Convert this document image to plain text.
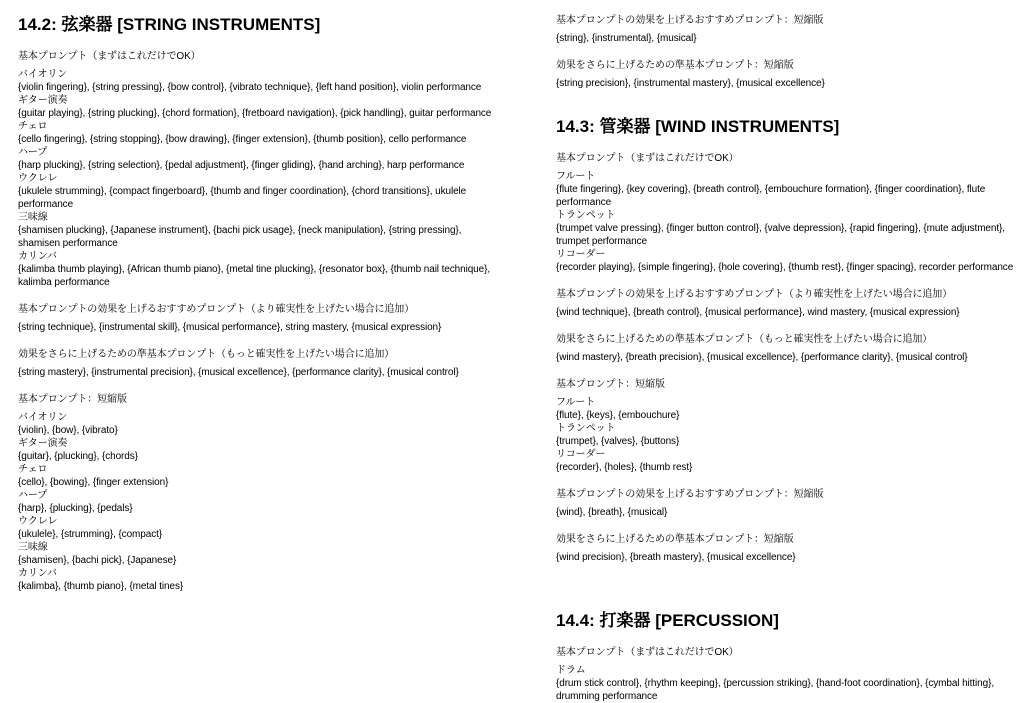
14.2: 弦楽器 [STRING INSTRUMENTS]

基本プロンプト（まずはこれだけでOK）

バイオリン

{violin fingering}, {string pressing}, {bow control}, {vibrato technique}, {left hand position}, violin performance

ギター演奏

{guitar playing}, {string plucking}, {chord formation}, {fretboard navigation}, {pick handling}, guitar performance

チェロ

{cello fingering}, {string stopping}, {bow drawing}, {finger extension}, {thumb position}, cello performance

ハープ

{harp plucking}, {string selection}, {pedal adjustment}, {finger gliding}, {hand arching}, harp performance

ウクレレ

{ukulele strumming}, {compact fingerboard}, {thumb and finger coordination}, {chord transitions}, ukulele performance

三味線

{shamisen plucking}, {Japanese instrument}, {bachi pick usage}, {neck manipulation}, {string pressing}, shamisen performance

カリンバ

{kalimba thumb playing}, {African thumb piano}, {metal tine plucking}, {resonator box}, {thumb nail technique}, kalimba performance

基本プロンプトの効果を上げるおすすめプロンプト（より確実性を上げたい場合に追加）

{string technique}, {instrumental skill}, {musical performance}, string mastery, {musical expression}

効果をさらに上げるための準基本プロンプト（もっと確実性を上げたい場合に追加）

{string mastery}, {instrumental precision}, {musical excellence}, {performance clarity}, {musical control}

基本プロンプト：短縮版

バイオリン

{violin}, {bow}, {vibrato}

ギター演奏

{guitar}, {plucking}, {chords}

チェロ

{cello}, {bowing}, {finger extension}

ハープ

{harp}, {plucking}, {pedals}

ウクレレ

{ukulele}, {strumming}, {compact}

三味線

{shamisen}, {bachi pick}, {Japanese}

カリンバ

{kalimba}, {thumb piano}, {metal tines}

基本プロンプトの効果を上げるおすすめプロンプト：短縮版

{string}, {instrumental}, {musical}

効果をさらに上げるための準基本プロンプト：短縮版

{string precision}, {instrumental mastery}, {musical excellence}

14.3: 管楽器 [WIND INSTRUMENTS]

基本プロンプト（まずはこれだけでOK）

フルート

{flute fingering}, {key covering}, {breath control}, {embouchure formation}, {finger coordination}, flute performance

トランペット

{trumpet valve pressing}, {finger button control}, {valve depression}, {rapid fingering}, {mute adjustment}, trumpet performance

リコーダー

{recorder playing}, {simple fingering}, {hole covering}, {thumb rest}, {finger spacing}, recorder performance

基本プロンプトの効果を上げるおすすめプロンプト（より確実性を上げたい場合に追加）

{wind technique}, {breath control}, {musical performance}, wind mastery, {musical expression}

効果をさらに上げるための準基本プロンプト（もっと確実性を上げたい場合に追加）

{wind mastery}, {breath precision}, {musical excellence}, {performance clarity}, {musical control}

基本プロンプト：短縮版

フルート

{flute}, {keys}, {embouchure}

トランペット

{trumpet}, {valves}, {buttons}

リコーダー

{recorder}, {holes}, {thumb rest}

基本プロンプトの効果を上げるおすすめプロンプト：短縮版

{wind}, {breath}, {musical}

効果をさらに上げるための準基本プロンプト：短縮版

{wind precision}, {breath mastery}, {musical excellence}

14.4: 打楽器 [PERCUSSION]

基本プロンプト（まずはこれだけでOK）

ドラム

{drum stick control}, {rhythm keeping}, {percussion striking}, {hand-foot coordination}, {cymbal hitting}, drumming performance
